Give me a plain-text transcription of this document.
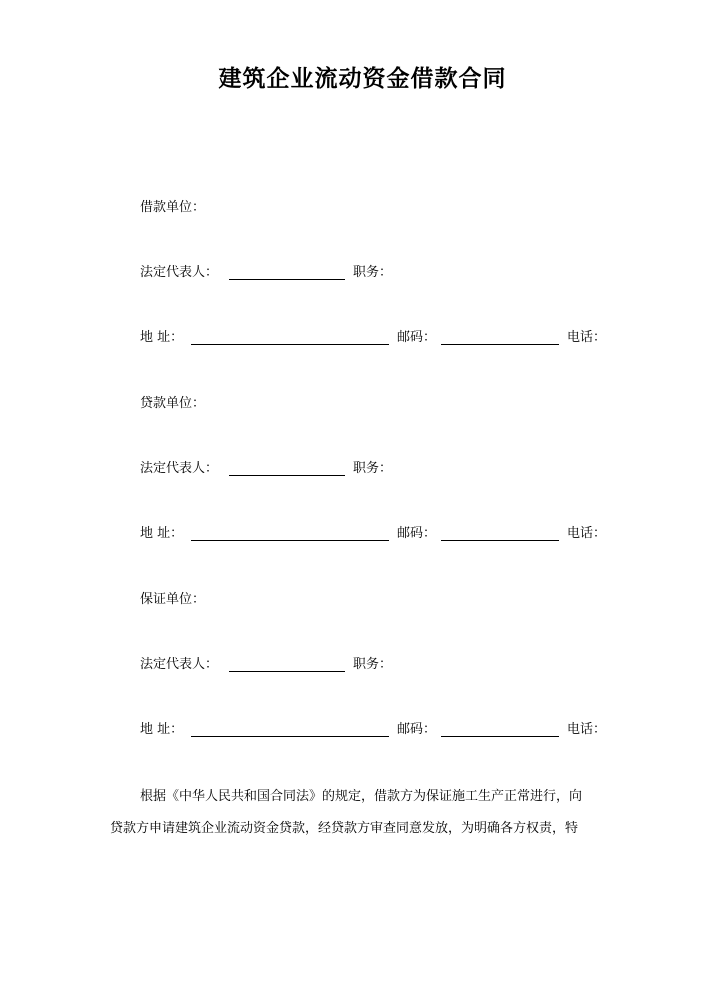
建筑企业流动资金借款合同
借款单位：
法定代表人：	职务：
地 址：	邮码：	电话：
贷款单位：
法定代表人：	职务：
地 址：	邮码：	电话：
保证单位：
法定代表人：	职务：
地 址：	邮码：	电话：
根据《中华人民共和国合同法》的规定，借款方为保证施工生产正常进行，向
贷款方申请建筑企业流动资金贷款，经贷款方审查同意发放，为明确各方权责，特
